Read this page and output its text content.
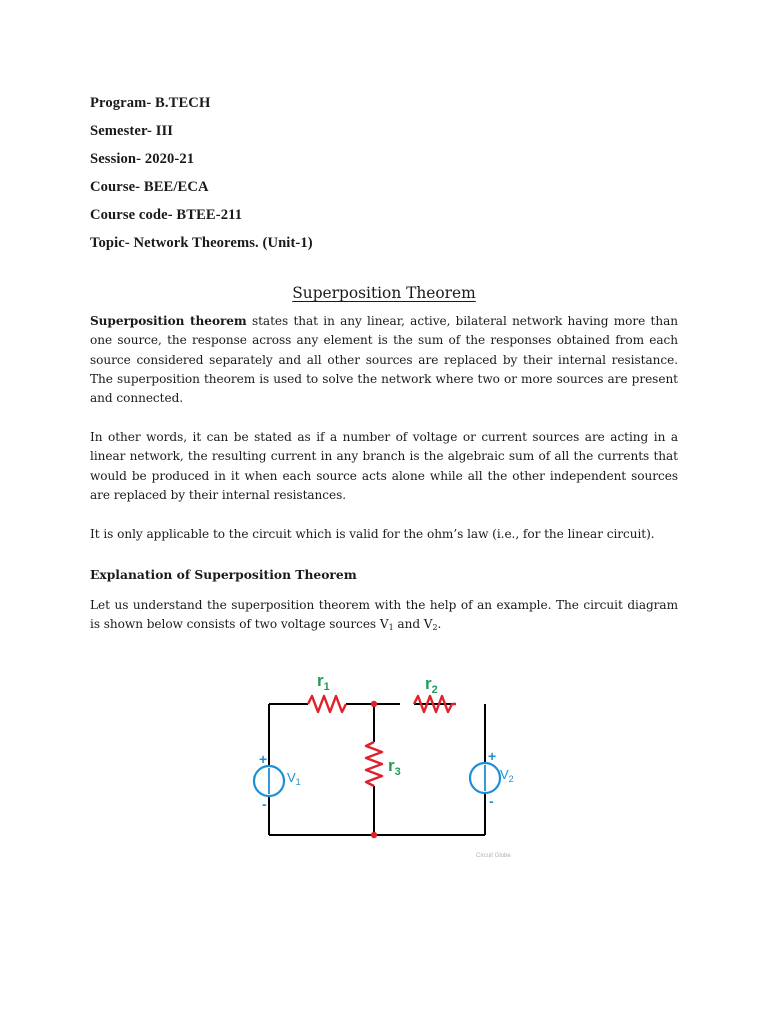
Program- B.TECH
Semester- III
Session- 2020-21
Course- BEE/ECA
Course code- BTEE-211
Topic- Network Theorems. (Unit-1)
Superposition Theorem
Superposition theorem states that in any linear, active, bilateral network having more than one source, the response across any element is the sum of the responses obtained from each source considered separately and all other sources are replaced by their internal resistance. The superposition theorem is used to solve the network where two or more sources are present and connected.
In other words, it can be stated as if a number of voltage or current sources are acting in a linear network, the resulting current in any branch is the algebraic sum of all the currents that would be produced in it when each source acts alone while all the other independent sources are replaced by their internal resistances.
It is only applicable to the circuit which is valid for the ohm’s law (i.e., for the linear circuit).
Explanation of Superposition Theorem
Let us understand the superposition theorem with the help of an example. The circuit diagram is shown below consists of two voltage sources $V_1$ and $V_2$.
$r_1$	$r_2$
$r_3$
$V_1$	$V_2$
+
-
+
-
Circuit Globe
